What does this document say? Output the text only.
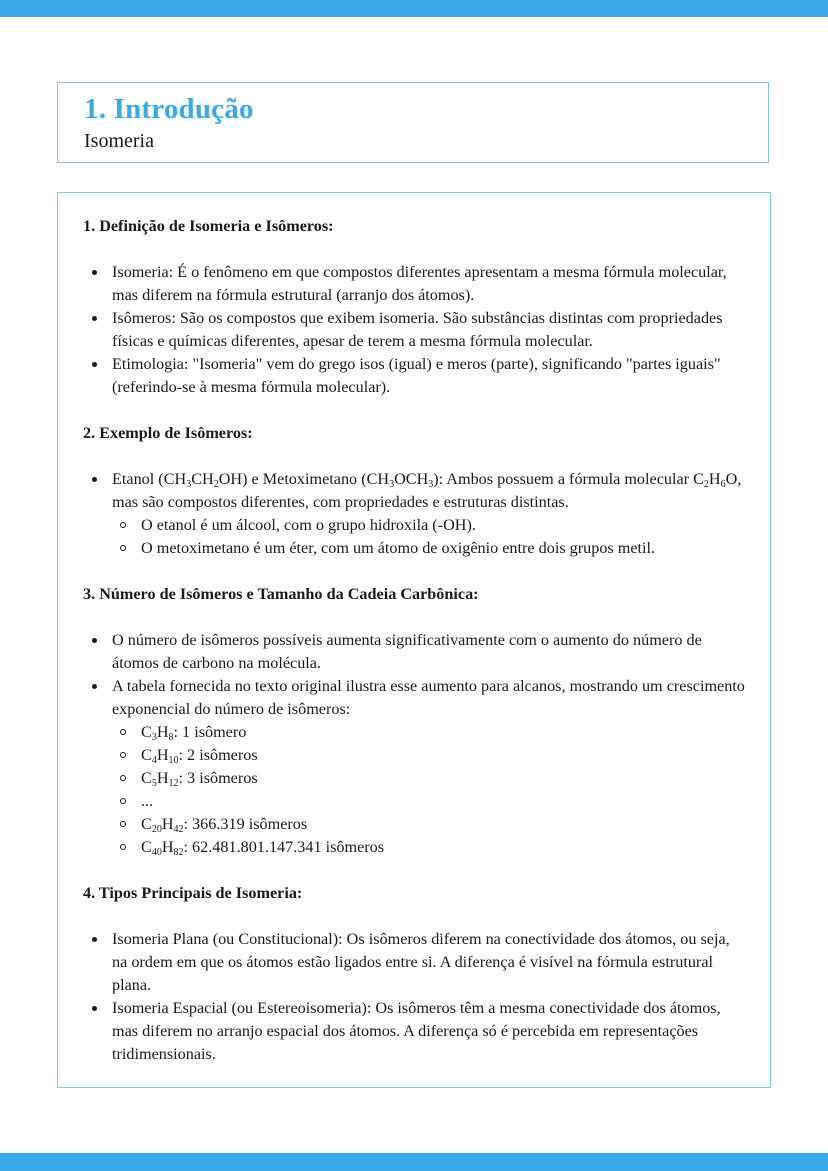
1. Introdução
Isomeria

1. Definição de Isomeria e Isômeros:

Isomeria: É o fenômeno em que compostos diferentes apresentam a mesma fórmula molecular, mas diferem na fórmula estrutural (arranjo dos átomos).
Isômeros: São os compostos que exibem isomeria. São substâncias distintas com propriedades físicas e químicas diferentes, apesar de terem a mesma fórmula molecular.
Etimologia: "Isomeria" vem do grego isos (igual) e meros (parte), significando "partes iguais" (referindo-se à mesma fórmula molecular).

2. Exemplo de Isômeros:

Etanol $(CH_3CH_2OH)$ e Metoximetano $(CH_3OCH_3)$: Ambos possuem a fórmula molecular $C_2H_6O$, mas são compostos diferentes, com propriedades e estruturas distintas.
O etanol é um álcool, com o grupo hidroxila (-OH).
O metoximetano é um éter, com um átomo de oxigênio entre dois grupos metil.

3. Número de Isômeros e Tamanho da Cadeia Carbônica:

O número de isômeros possíveis aumenta significativamente com o aumento do número de átomos de carbono na molécula.
A tabela fornecida no texto original ilustra esse aumento para alcanos, mostrando um crescimento exponencial do número de isômeros:
$C_3H_8$: 1 isômero
$C_4H_{10}$: 2 isômeros
$C_5H_{12}$: 3 isômeros
...
$C_{20}H_{42}$: 366.319 isômeros
$C_{40}H_{82}$: 62.481.801.147.341 isômeros

4. Tipos Principais de Isomeria:

Isomeria Plana (ou Constitucional): Os isômeros diferem na conectividade dos átomos, ou seja, na ordem em que os átomos estão ligados entre si. A diferença é visível na fórmula estrutural plana.
Isomeria Espacial (ou Estereoisomeria): Os isômeros têm a mesma conectividade dos átomos, mas diferem no arranjo espacial dos átomos. A diferença só é percebida em representações tridimensionais.
